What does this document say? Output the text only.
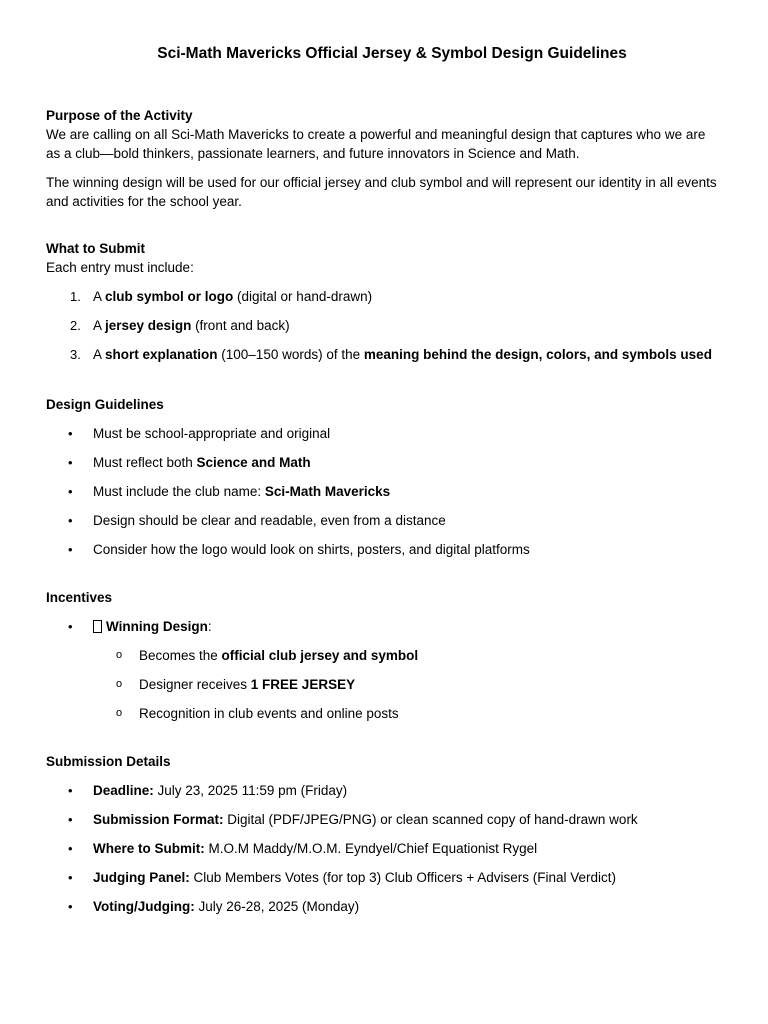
Sci-Math Mavericks Official Jersey & Symbol Design Guidelines
Purpose of the Activity

We are calling on all Sci-Math Mavericks to create a powerful and meaningful design that captures who we are as a club—bold thinkers, passionate learners, and future innovators in Science and Math.

The winning design will be used for our official jersey and club symbol and will represent our identity in all events and activities for the school year.

What to Submit

Each entry must include:

1. A club symbol or logo (digital or hand-drawn)
2. A jersey design (front and back)
3. A short explanation (100–150 words) of the meaning behind the design, colors, and symbols used
Design Guidelines
• Must be school-appropriate and original
• Must reflect both Science and Math
• Must include the club name: Sci-Math Mavericks
• Design should be clear and readable, even from a distance
• Consider how the logo would look on shirts, posters, and digital platforms
Incentives
• Winning Design:
o Becomes the official club jersey and symbol
o Designer receives 1 FREE JERSEY
o Recognition in club events and online posts
Submission Details
• Deadline: July 23, 2025 11:59 pm (Friday)
• Submission Format: Digital (PDF/JPEG/PNG) or clean scanned copy of hand-drawn work
• Where to Submit: M.O.M Maddy/M.O.M. Eyndyel/Chief Equationist Rygel
• Judging Panel: Club Members Votes (for top 3) Club Officers + Advisers (Final Verdict)
• Voting/Judging: July 26-28, 2025 (Monday)
